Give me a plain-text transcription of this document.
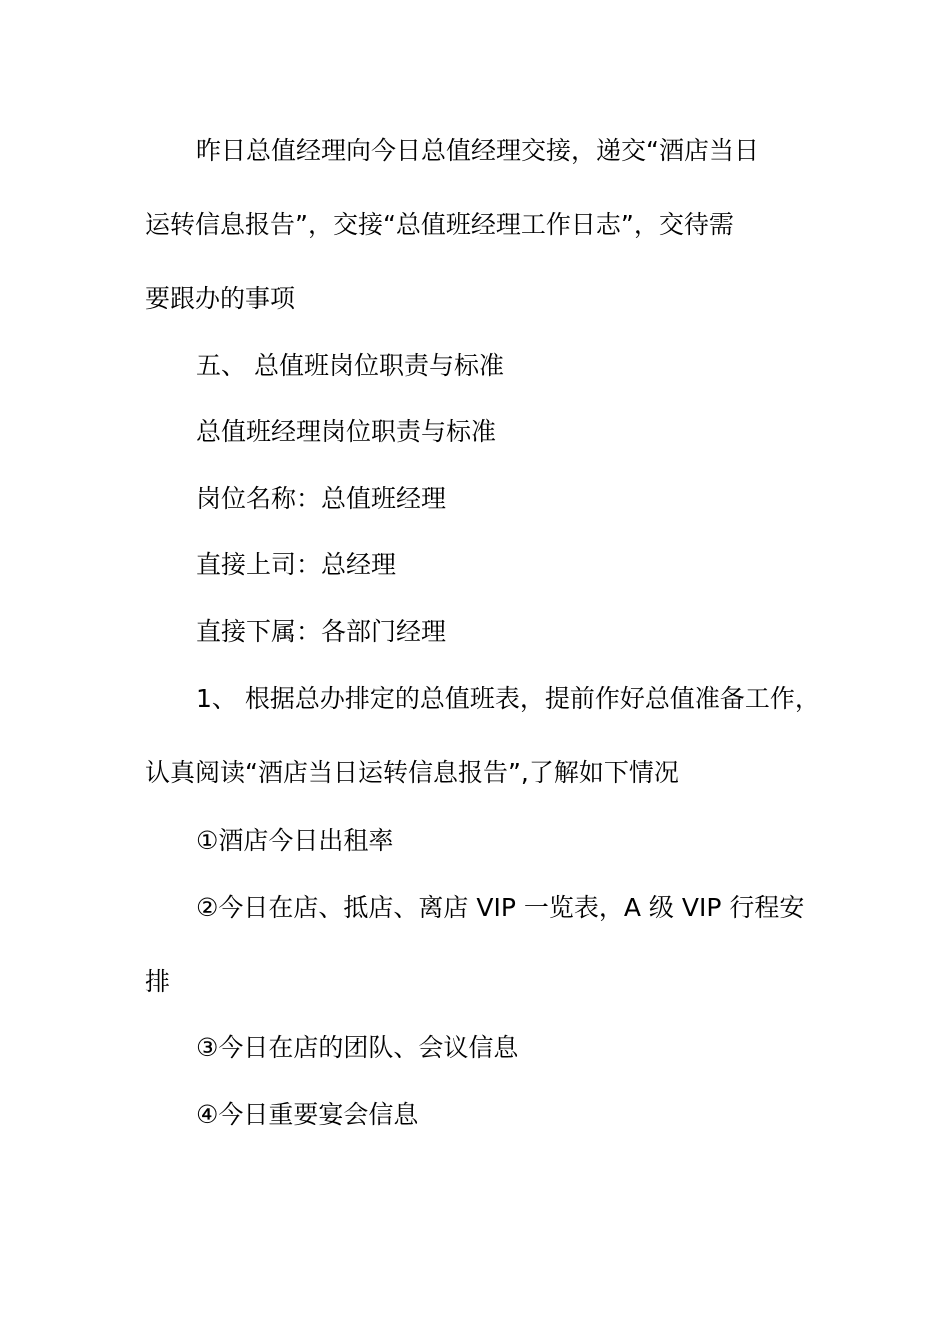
昨日总值经理向今日总值经理交接，递交“酒店当日
运转信息报告”，交接“总值班经理工作日志”，交待需
要跟办的事项
五、 总值班岗位职责与标准
总值班经理岗位职责与标准
岗位名称：总值班经理
直接上司：总经理
直接下属：各部门经理
1、 根据总办排定的总值班表，提前作好总值准备工作，
认真阅读“酒店当日运转信息报告”,了解如下情况
①酒店今日出租率
②今日在店、抵店、离店 VIP 一览表，A 级 VIP 行程安
排
③今日在店的团队、会议信息
④今日重要宴会信息
